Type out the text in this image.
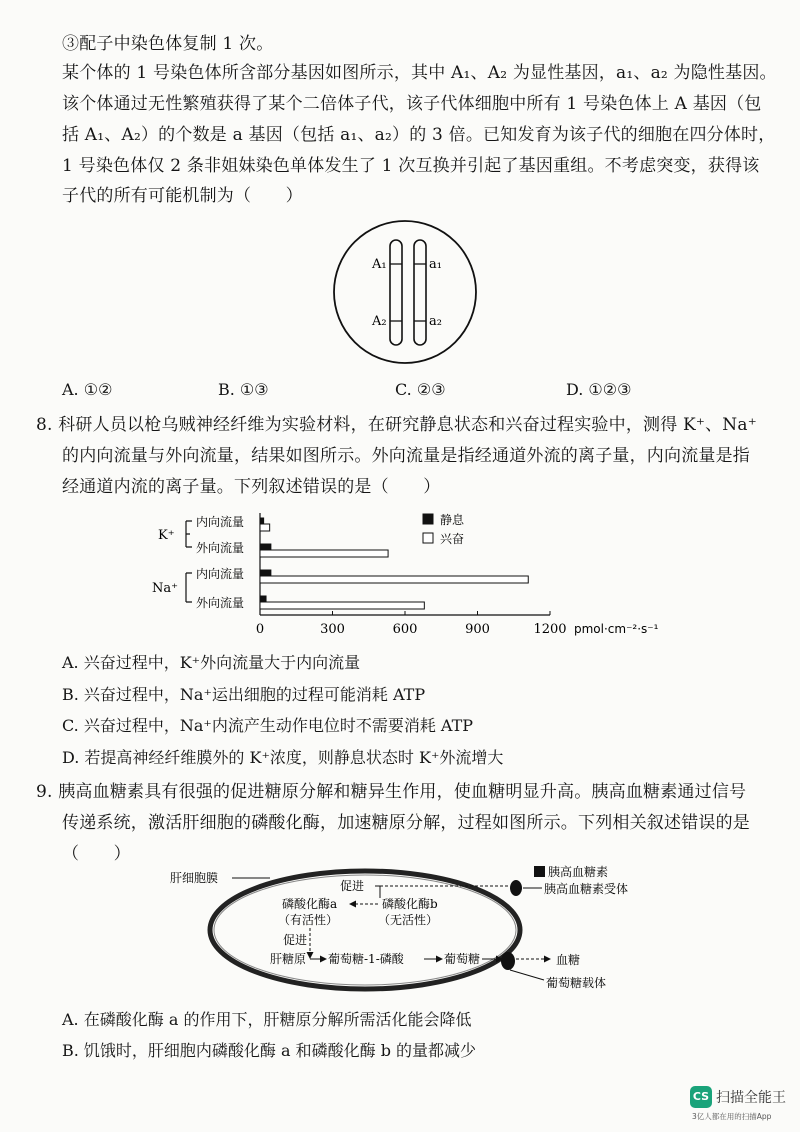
③配子中染色体复制 1 次。
某个体的 1 号染色体所含部分基因如图所示，其中 A₁、A₂ 为显性基因，a₁、a₂ 为隐性基因。
该个体通过无性繁殖获得了某个二倍体子代，该子代体细胞中所有 1 号染色体上 A 基因（包
括 A₁、A₂）的个数是 a 基因（包括 a₁、a₂）的 3 倍。已知发育为该子代的细胞在四分体时，
1 号染色体仅 2 条非姐妹染色单体发生了 1 次互换并引起了基因重组。不考虑突变，获得该
子代的所有可能机制为（　　）
A₁	a₁
A₂	a₂
A. ①②	B. ①③	C. ②③	D. ①②③
8. 科研人员以枪乌贼神经纤维为实验材料，在研究静息状态和兴奋过程实验中，测得 K⁺、Na⁺
的内向流量与外向流量，结果如图所示。外向流量是指经通道外流的离子量，内向流量是指
经通道内流的离子量。下列叙述错误的是（　　）
K⁺
Na⁺
内向流量
外向流量
内向流量
外向流量
0	300	600	900	1200 pmol·cm⁻²·s⁻¹
静息
兴奋
A. 兴奋过程中，K⁺外向流量大于内向流量
B. 兴奋过程中，Na⁺运出细胞的过程可能消耗 ATP
C. 兴奋过程中，Na⁺内流产生动作电位时不需要消耗 ATP
D. 若提高神经纤维膜外的 K⁺浓度，则静息状态时 K⁺外流增大
9. 胰高血糖素具有很强的促进糖原分解和糖异生作用，使血糖明显升高。胰高血糖素通过信号
传递系统，激活肝细胞的磷酸化酶，加速糖原分解，过程如图所示。下列相关叙述错误的是
（　　）
肝细胞膜	胰高血糖素
胰高血糖素受体
促进
磷酸化酶a
（有活性）
磷酸化酶b
（无活性）
促进
肝糖原 葡萄糖-1-磷酸	葡萄糖	血糖
葡萄糖载体
A. 在磷酸化酶 a 的作用下，肝糖原分解所需活化能会降低
B. 饥饿时，肝细胞内磷酸化酶 a 和磷酸化酶 b 的量都减少
CS 扫描全能王
3亿人都在用的扫描App
